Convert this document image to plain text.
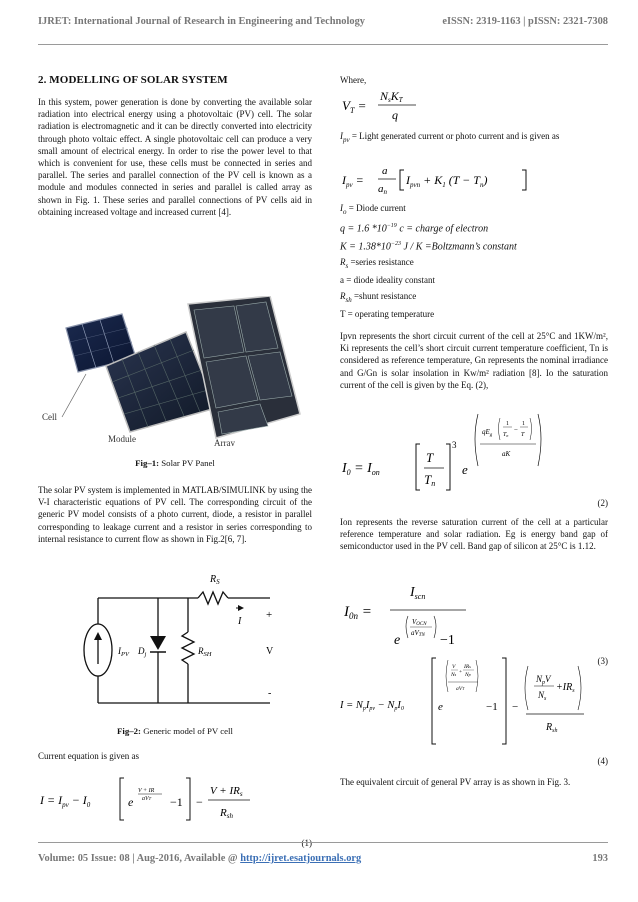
IJRET: International Journal of Research in Engineering and Technology	eISSN: 2319-1163 | pISSN: 2321-7308
2. MODELLING OF SOLAR SYSTEM

In this system, power generation is done by converting the available solar radiation into electrical energy using a photovoltaic (PV) cell. The solar radiation is electromagnetic and it can be directly converted into electricity through photo voltaic effect. A single photovoltaic cell can produce a very small amount of electrical energy. In order to rise the power level to that which is convenient for use, these cells must be connected in series and parallel. The series and parallel connection of the PV cell is known as a module and modules connected in series and parallel is called array as shown in Fig. 1. These series and parallel connections of PV cells aid in obtaining increased voltage and increased current [4].

Cell
Module	Array
Fig–1: Solar PV Panel

The solar PV system is implemented in MATLAB/SIMULINK by using the V-I characteristic equations of PV cell. The corresponding circuit of the generic PV model consists of a photo current, diode, a resistor in parallel corresponding to leakage current and a resistor in series corresponding to internal resistance to current flow as shown in Fig.2[6, 7].

$R_S$
I
+
V
-
$I_{PV}$ $D_j$	$R_{SH}$
Fig–2: Generic model of PV cell
Current equation is given as
$I = I_{pv} - I_0$	e
V + IR
aVT −1 −
V + IRs
Rsh
(1)
Where,
$V_T$ =
NsKT
q
$I_{pv}$ = Light generated current or photo current and is given as
$I_{pv}$ =
a
an
$I_{pvn} + K_1$ $(T - T_n)$
$I_o$ = Diode current
q = 1.6 $*10^{-19}$ c = charge of electron
$K = 1.38*10^{-23}$ J / K =Boltzmann’s constant
$R_s$ =series resistance
a = diode ideality constant
$R_{sh}$ =shunt resistance
T = operating temperature

Ipvn represents the short circuit current of the cell at 25°C and 1KW/m², Ki represents the cell’s short circuit current temperature coefficient, Tn is considered as reference temperature, Gn represents the nominal irradiance and G/Gn is solar insolation in Kw/m² radiation [8]. Io the saturation current of the cell is given by the Eq. (2),

$I_0 = I_{on}$
T
Tn
3
e
$qE_g$
1
Tn
−
1
T
aK
(2)

Ion represents the reverse saturation current of the cell at a particular reference temperature and solar radiation. Eg is energy band gap of semiconductor used in the PV cell. Band gap of silicon at 25°C is 1.12.

$I_{0n}$ =
$I_{scn}$
e
VOCN
aVTN −1
(3)
I = NpIpv − NpI0	e
V
Ns +
IRs
Np
aVT
−1 −
$N_pV$
$N_s$
$+IR_s$
$R_{sh}$
(4)

The equivalent circuit of general PV array is as shown in Fig. 3.

Volume: 05 Issue: 08 | Aug-2016, Available @ http://ijret.esatjournals.org	193
